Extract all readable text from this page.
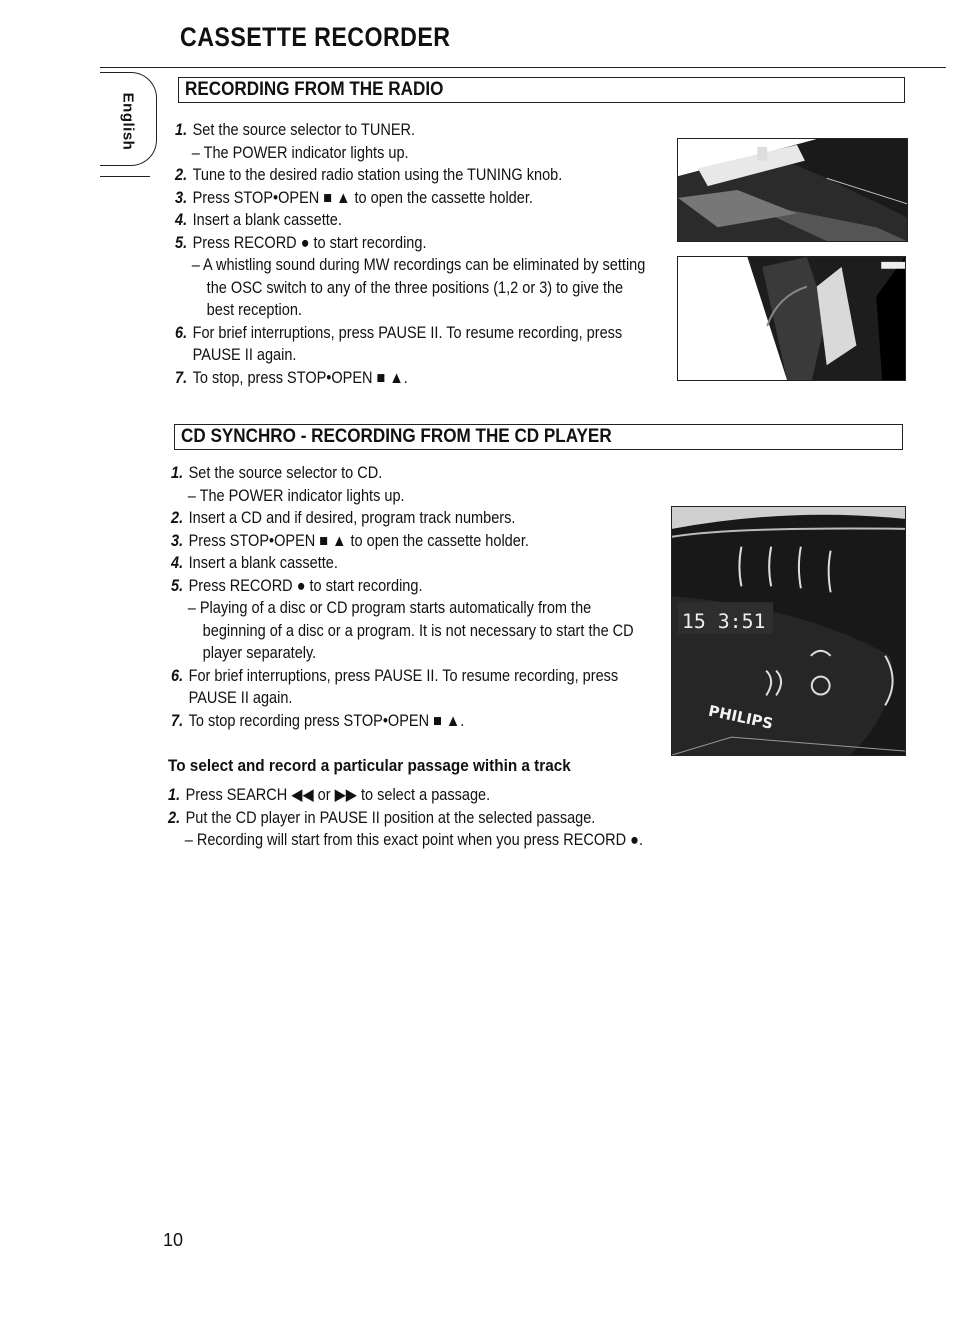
CASSETTE RECORDER
English
RECORDING FROM THE RADIO
1. Set the source selector to TUNER.
– The POWER indicator lights up.
2. Tune to the desired radio station using the TUNING knob.
3. Press STOP•OPEN ■ ▲ to open the cassette holder.
4. Insert a blank cassette.
5. Press RECORD ● to start recording.
– A whistling sound during MW recordings can be eliminated by setting the OSC switch to any of the three positions (1,2 or 3) to give the best reception.
6. For brief interruptions, press PAUSE II. To resume recording, press PAUSE II again.
7. To stop, press STOP•OPEN ■ ▲.
CD SYNCHRO - RECORDING FROM THE CD PLAYER
1. Set the source selector to CD.
– The POWER indicator lights up.
2. Insert a CD and if desired, program track numbers.
3. Press STOP•OPEN ■ ▲ to open the cassette holder.
4. Insert a blank cassette.
5. Press RECORD ● to start recording.
– Playing of a disc or CD program starts automatically from the beginning of a disc or a program. It is not necessary to start the CD player separately.
6. For brief interruptions, press PAUSE II. To resume recording, press PAUSE II again.
7. To stop recording press STOP•OPEN ■ ▲.
15 3:51
PHILIPS
To select and record a particular passage within a track
1. Press SEARCH ◀◀ or ▶▶ to select a passage.
2. Put the CD player in PAUSE II position at the selected passage.
– Recording will start from this exact point when you press RECORD ●.
10
